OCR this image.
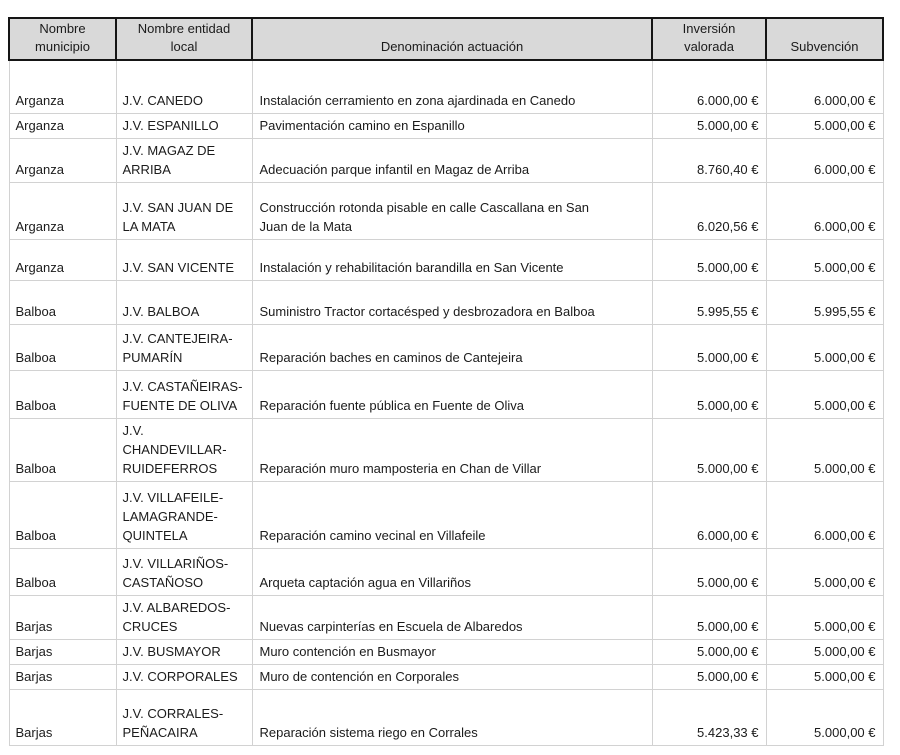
Nombre municipio	Nombre entidad local	Denominación actuación	Inversión valorada	Subvención
Arganza	J.V. CANEDO	Instalación cerramiento en zona ajardinada en Canedo	6.000,00 €	6.000,00 €
Arganza	J.V. ESPANILLO	Pavimentación camino en Espanillo	5.000,00 €	5.000,00 €
Arganza	J.V. MAGAZ DE ARRIBA	Adecuación parque infantil en Magaz de Arriba	8.760,40 €	6.000,00 €
Arganza	J.V. SAN JUAN DE LA MATA	Construcción rotonda pisable en calle Cascallana en San Juan de la Mata	6.020,56 €	6.000,00 €
Arganza	J.V. SAN VICENTE	Instalación y rehabilitación barandilla en San Vicente	5.000,00 €	5.000,00 €
Balboa	J.V. BALBOA	Suministro Tractor cortacésped y desbrozadora en Balboa	5.995,55 €	5.995,55 €
Balboa	J.V. CANTEJEIRA-PUMARÍN	Reparación baches en caminos de Cantejeira	5.000,00 €	5.000,00 €
Balboa	J.V. CASTAÑEIRAS-FUENTE DE OLIVA	Reparación fuente pública en Fuente de Oliva	5.000,00 €	5.000,00 €
Balboa	J.V. CHANDEVILLAR-RUIDEFERROS	Reparación muro mamposteria en Chan de Villar	5.000,00 €	5.000,00 €
Balboa	J.V. VILLAFEILE-LAMAGRANDE-QUINTELA	Reparación camino vecinal en Villafeile	6.000,00 €	6.000,00 €
Balboa	J.V. VILLARIÑOS-CASTAÑOSO	Arqueta captación agua en Villariños	5.000,00 €	5.000,00 €
Barjas	J.V. ALBAREDOS-CRUCES	Nuevas carpinterías en Escuela de Albaredos	5.000,00 €	5.000,00 €
Barjas	J.V. BUSMAYOR	Muro contención en Busmayor	5.000,00 €	5.000,00 €
Barjas	J.V. CORPORALES	Muro de contención en Corporales	5.000,00 €	5.000,00 €
Barjas	J.V. CORRALES-PEÑACAIRA	Reparación sistema riego en Corrales	5.423,33 €	5.000,00 €
